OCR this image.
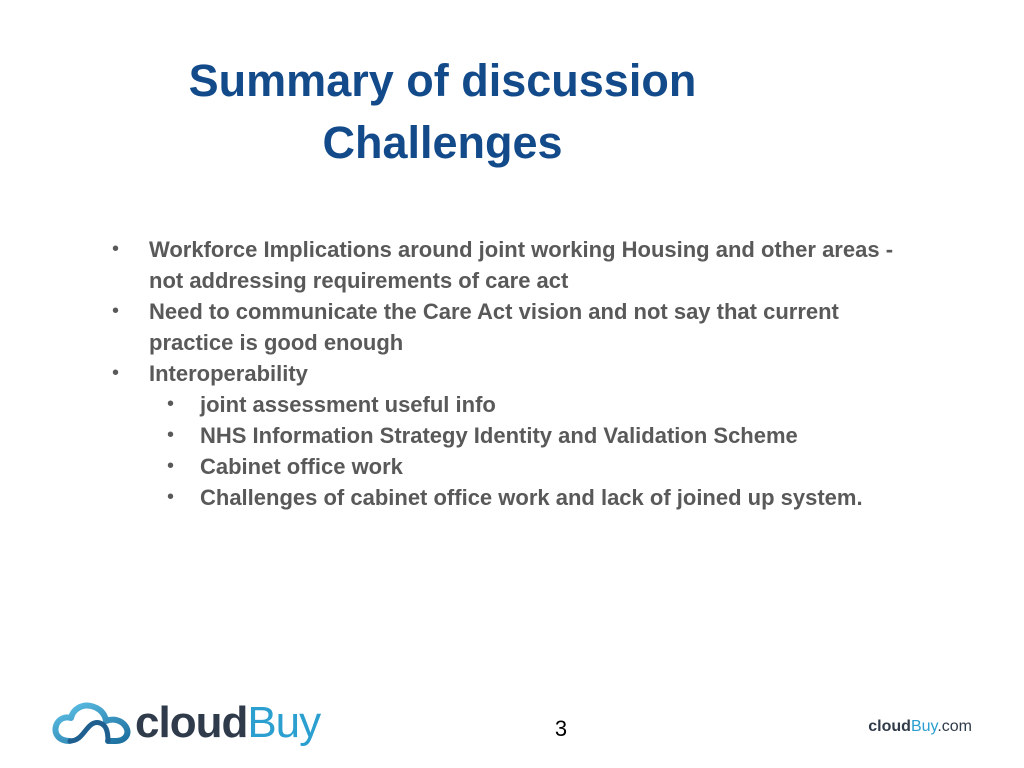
Summary of discussion
Challenges
• Workforce Implications around joint working Housing and other areas - not addressing requirements of care act
• Need to communicate the Care Act vision and not say that current practice is good enough
• Interoperability
• joint assessment useful info
• NHS Information Strategy Identity and Validation Scheme
• Cabinet office work
• Challenges of cabinet office work and lack of joined up system.
cloudBuy	3	cloudBuy.com
